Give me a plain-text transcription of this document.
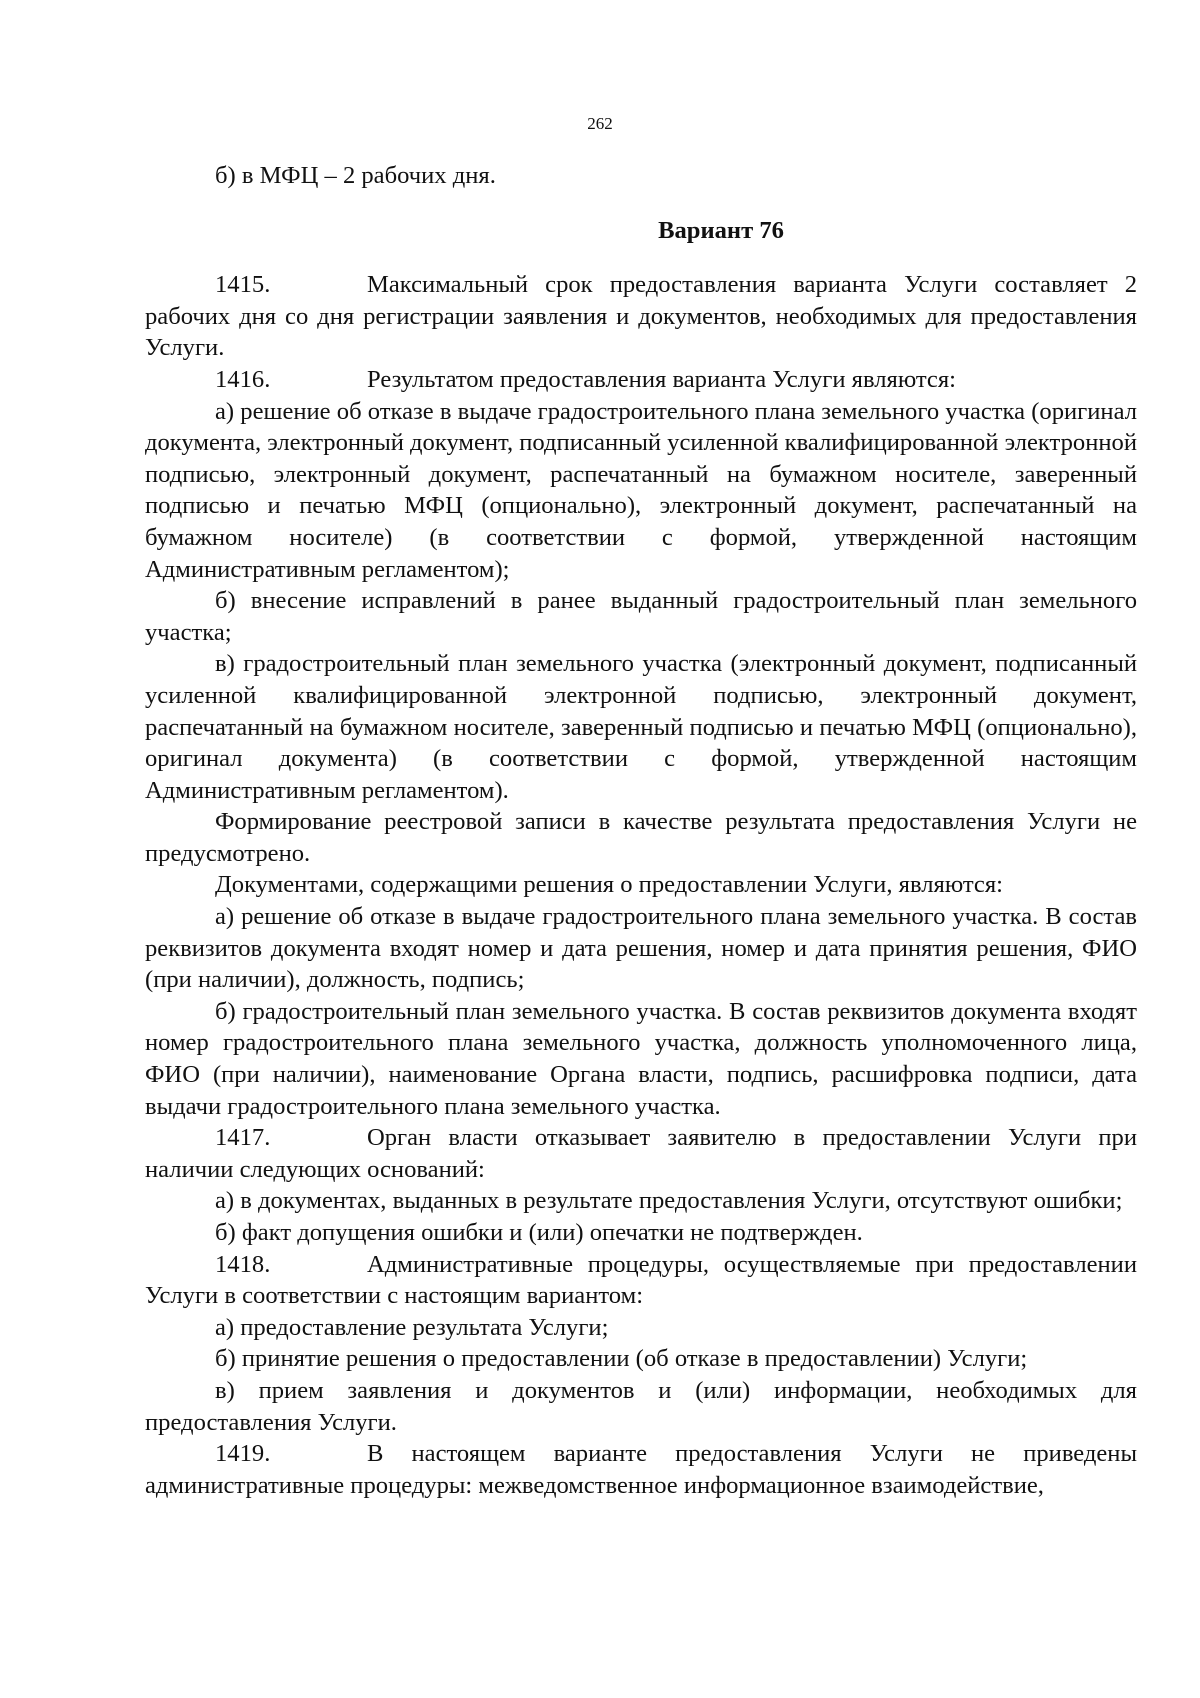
262

б) в МФЦ – 2 рабочих дня.

Вариант 76

1415.	Максимальный срок предоставления варианта Услуги составляет 2 рабочих дня со дня регистрации заявления и документов, необходимых для предоставления Услуги.

1416.	Результатом предоставления варианта Услуги являются:

а) решение об отказе в выдаче градостроительного плана земельного участка (оригинал документа, электронный документ, подписанный усиленной квалифицированной электронной подписью, электронный документ, распечатанный на бумажном носителе, заверенный подписью и печатью МФЦ (опционально), электронный документ, распечатанный на бумажном носителе) (в соответствии с формой, утвержденной настоящим Административным регламентом);

б) внесение исправлений в ранее выданный градостроительный план земельного участка;

в) градостроительный план земельного участка (электронный документ, подписанный усиленной квалифицированной электронной подписью, электронный документ, распечатанный на бумажном носителе, заверенный подписью и печатью МФЦ (опционально), оригинал документа) (в соответствии с формой, утвержденной настоящим Административным регламентом).

Формирование реестровой записи в качестве результата предоставления Услуги не предусмотрено.

Документами, содержащими решения о предоставлении Услуги, являются:

а) решение об отказе в выдаче градостроительного плана земельного участка. В состав реквизитов документа входят номер и дата решения, номер и дата принятия решения, ФИО (при наличии), должность, подпись;

б) градостроительный план земельного участка. В состав реквизитов документа входят номер градостроительного плана земельного участка, должность уполномоченного лица, ФИО (при наличии), наименование Органа власти, подпись, расшифровка подписи, дата выдачи градостроительного плана земельного участка.

1417.	Орган власти отказывает заявителю в предоставлении Услуги при наличии следующих оснований:

а) в документах, выданных в результате предоставления Услуги, отсутствуют ошибки;

б) факт допущения ошибки и (или) опечатки не подтвержден.

1418.	Административные процедуры, осуществляемые при предоставлении Услуги в соответствии с настоящим вариантом:

а) предоставление результата Услуги;

б) принятие решения о предоставлении (об отказе в предоставлении) Услуги;

в) прием заявления и документов и (или) информации, необходимых для предоставления Услуги.

1419.	В настоящем варианте предоставления Услуги не приведены административные процедуры: межведомственное информационное взаимодействие,
